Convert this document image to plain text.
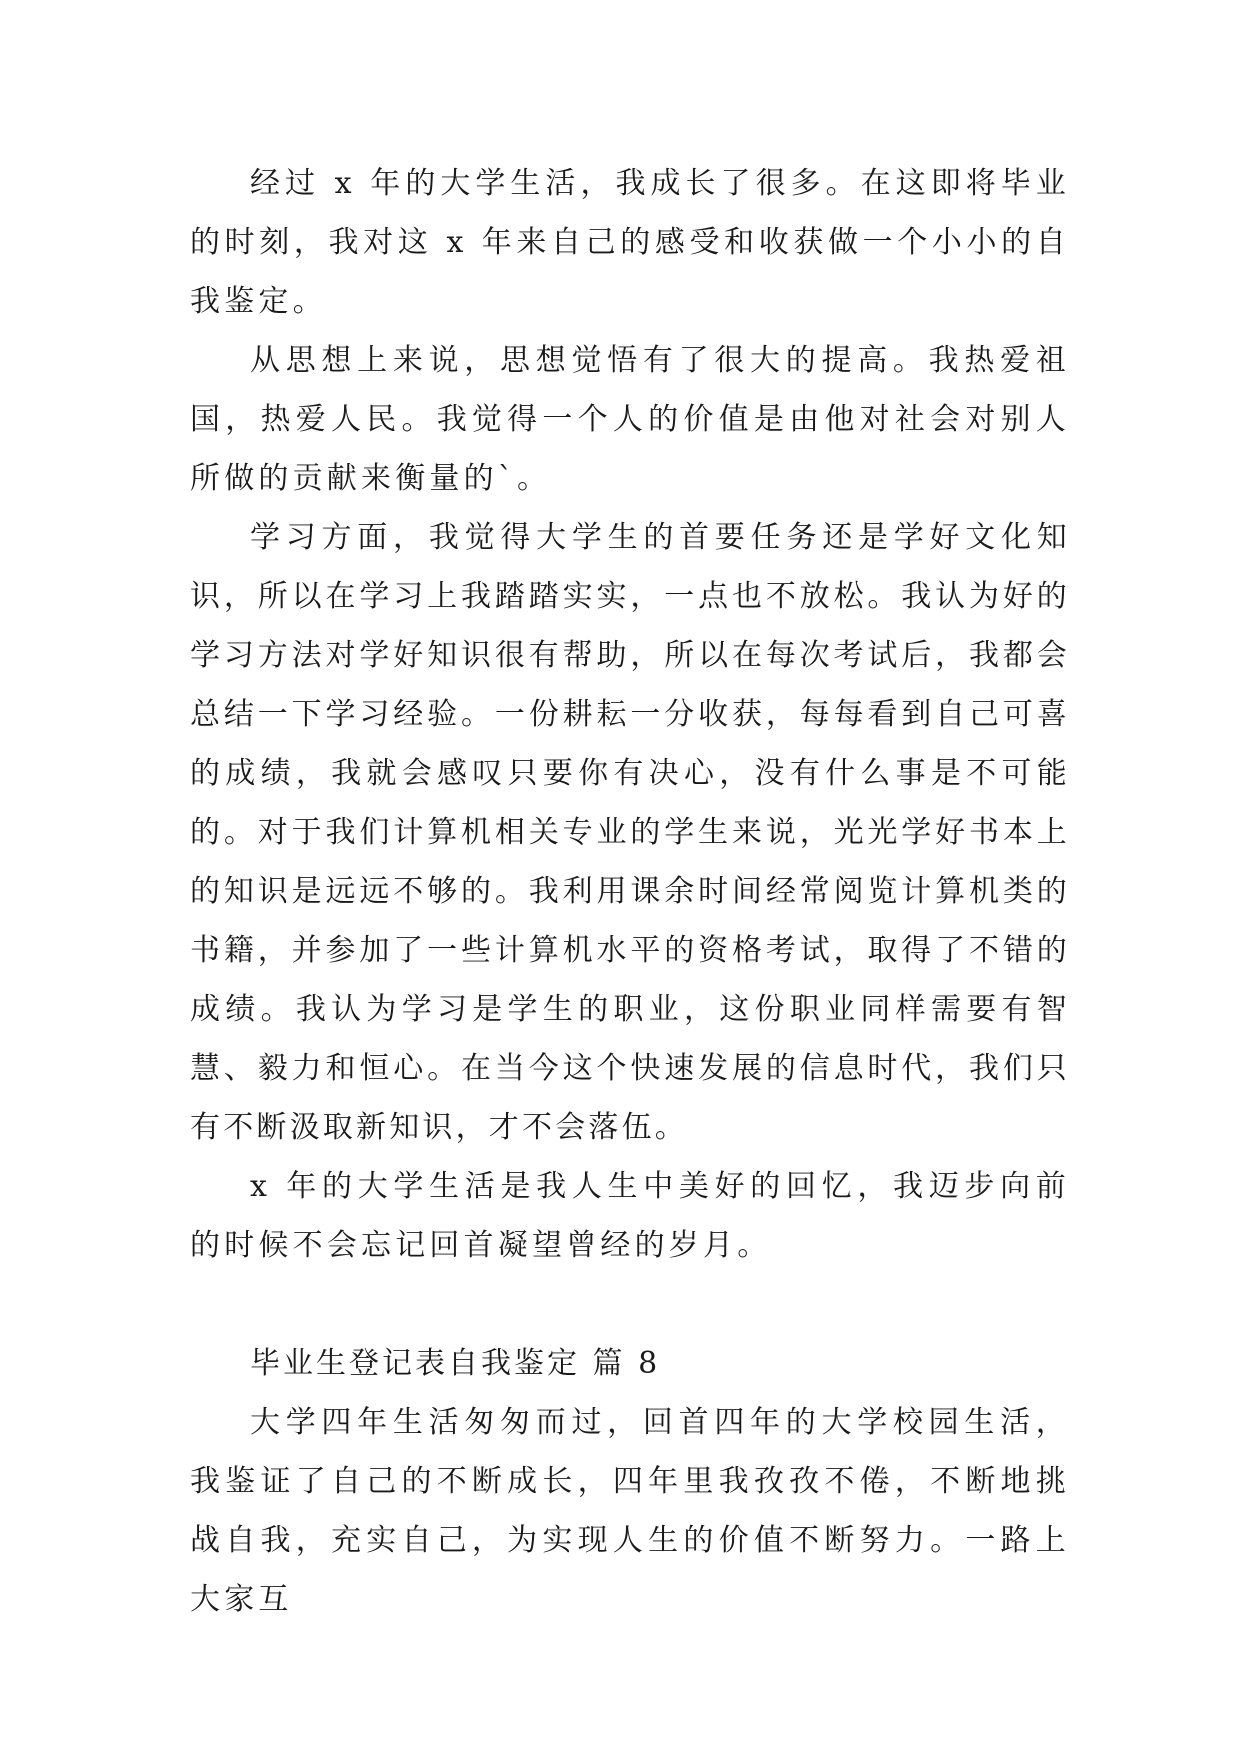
经过 x 年的大学生活，我成长了很多。在这即将毕业的时刻，我对这 x 年来自己的感受和收获做一个小小的自我鉴定。

从思想上来说，思想觉悟有了很大的提高。我热爱祖国，热爱人民。我觉得一个人的价值是由他对社会对别人所做的贡献来衡量的`。

学习方面，我觉得大学生的首要任务还是学好文化知识，所以在学习上我踏踏实实，一点也不放松。我认为好的学习方法对学好知识很有帮助，所以在每次考试后，我都会总结一下学习经验。一份耕耘一分收获，每每看到自己可喜的成绩，我就会感叹只要你有决心，没有什么事是不可能的。对于我们计算机相关专业的学生来说，光光学好书本上的知识是远远不够的。我利用课余时间经常阅览计算机类的书籍，并参加了一些计算机水平的资格考试，取得了不错的成绩。我认为学习是学生的职业，这份职业同样需要有智慧、毅力和恒心。在当今这个快速发展的信息时代，我们只有不断汲取新知识，才不会落伍。

x 年的大学生活是我人生中美好的回忆，我迈步向前的时候不会忘记回首凝望曾经的岁月。

毕业生登记表自我鉴定 篇 8

大学四年生活匆匆而过，回首四年的大学校园生活，我鉴证了自己的不断成长，四年里我孜孜不倦，不断地挑战自我，充实自己，为实现人生的价值不断努力。一路上大家互
